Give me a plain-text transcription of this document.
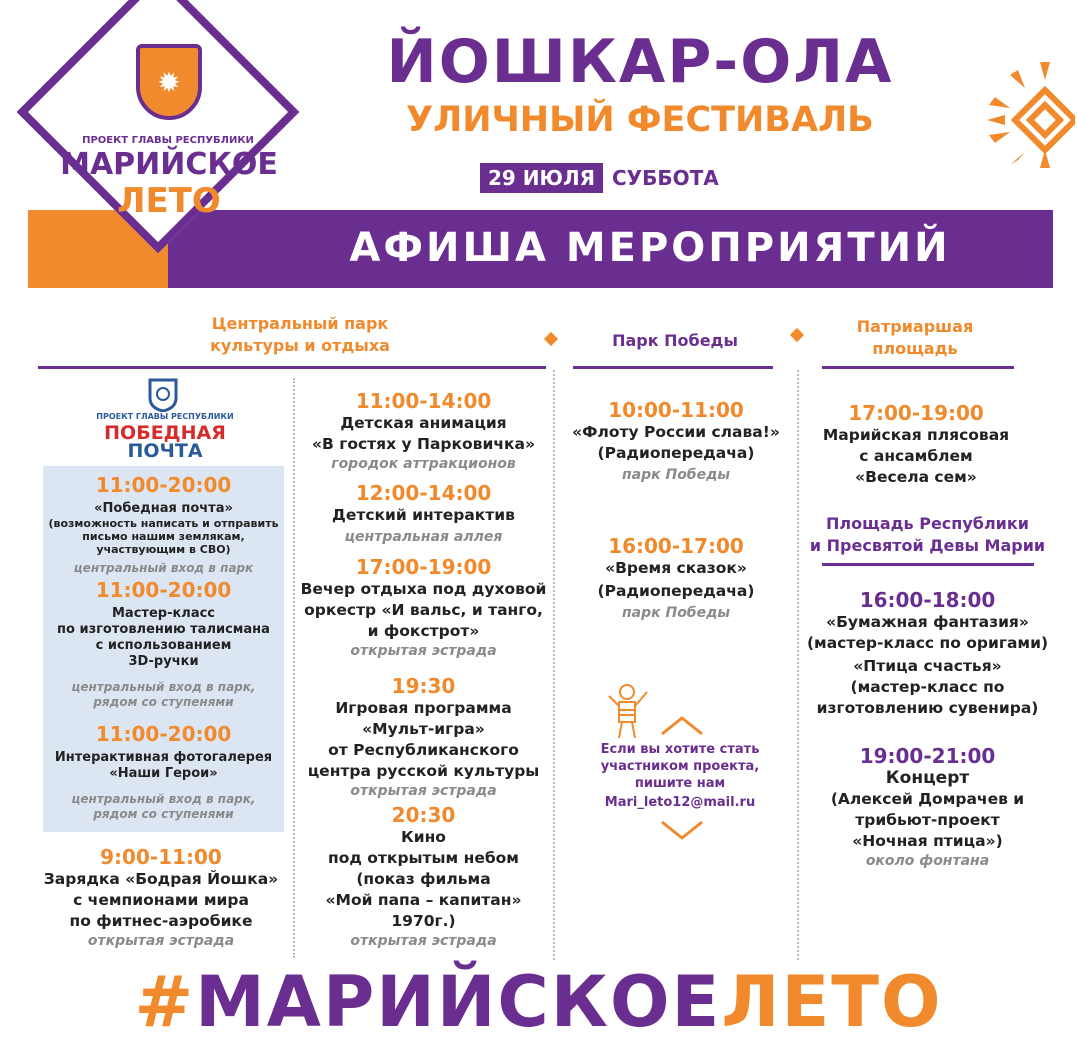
АФИША МЕРОПРИЯТИЙ
✹
ПРОЕКТ ГЛАВЫ РЕСПУБЛИКИ
МАРИЙСКОЕ
ЛЕТО
ЙОШКАР-ОЛА
УЛИЧНЫЙ ФЕСТИВАЛЬ
29 ИЮЛЯ СУББОТА
Центральный парк
культуры и отдыха	Парк Победы
Патриаршая
площадь
ПРОЕКТ ГЛАВЫ РЕСПУБЛИКИ
ПОБЕДНАЯ
ПОЧТА
11:00-20:00
«Победная почта»
(возможность написать и отправить
письмо нашим землякам,
участвующим в СВО)
центральный вход в парк
11:00-20:00
Мастер-класс
по изготовлению талисмана
с использованием
3D-ручки
центральный вход в парк,
рядом со ступенями
11:00-20:00
Интерактивная фотогалерея
«Наши Герои»
центральный вход в парк,
рядом со ступенями
9:00-11:00
Зарядка «Бодрая Йошка»
с чемпионами мира
по фитнес-аэробике
открытая эстрада
11:00-14:00
Детская анимация
«В гостях у Парковичка»
городок аттракционов
12:00-14:00
Детский интерактив
центральная аллея
17:00-19:00
Вечер отдыха под духовой
оркестр «И вальс, и танго,
и фокстрот»
открытая эстрада
19:30
Игровая программа
«Мульт-игра»
от Республиканского
центра русской культуры
открытая эстрада
20:30
Кино
под открытым небом
(показ фильма
«Мой папа – капитан»
1970г.)
открытая эстрада
10:00-11:00
«Флоту России слава!»
(Радиопередача)
парк Победы
16:00-17:00
«Время сказок»
(Радиопередача)
парк Победы
Если вы хотите стать
участником проекта,
пишите нам
Mari_leto12@mail.ru
17:00-19:00
Марийская плясовая
с ансамблем
«Весела сем»
Площадь Республики
и Пресвятой Девы Марии
16:00-18:00
«Бумажная фантазия»
(мастер-класс по оригами)
«Птица счастья»
(мастер-класс по
изготовлению сувенира)
19:00-21:00
Концерт
(Алексей Домрачев и
трибьют-проект
«Ночная птица»)
около фонтана
#МАРИЙСКОЕЛЕТО
